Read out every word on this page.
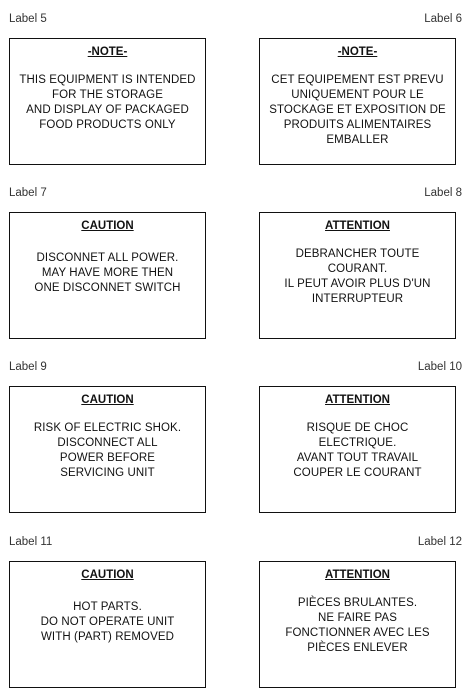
Label 5
-NOTE-
THIS EQUIPMENT IS INTENDED
FOR THE STORAGE
AND DISPLAY OF PACKAGED
FOOD PRODUCTS ONLY
Label 6
-NOTE-
CET EQUIPEMENT EST PREVU
UNIQUEMENT POUR LE
STOCKAGE ET EXPOSITION DE
PRODUITS ALIMENTAIRES
EMBALLER
Label 7
CAUTION
DISCONNET ALL POWER.
MAY HAVE MORE THEN
ONE DISCONNET SWITCH
Label 8
ATTENTION
DEBRANCHER TOUTE
COURANT.
IL PEUT AVOIR PLUS D'UN
INTERRUPTEUR
Label 9
CAUTION
RISK OF ELECTRIC SHOK.
DISCONNECT ALL
POWER BEFORE
SERVICING UNIT
Label 10
ATTENTION
RISQUE DE CHOC
ELECTRIQUE.
AVANT TOUT TRAVAIL
COUPER LE COURANT
Label 11
CAUTION
HOT PARTS.
DO NOT OPERATE UNIT
WITH (PART) REMOVED
Label 12
ATTENTION
PIÈCES BRULANTES.
NE FAIRE PAS
FONCTIONNER AVEC LES
PIÈCES ENLEVER
